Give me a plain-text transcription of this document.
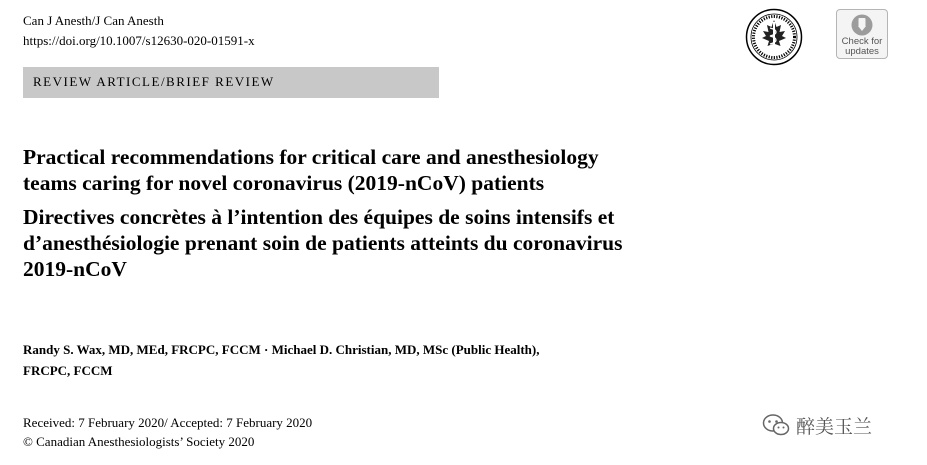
Can J Anesth/J Can Anesth
https://doi.org/10.1007/s12630-020-01591-x	Check for
updates
REVIEW ARTICLE/BRIEF REVIEW

Practical recommendations for critical care and anesthesiology
teams caring for novel coronavirus (2019-nCoV) patients

Directives concrètes à l’intention des équipes de soins intensifs et
d’anesthésiologie prenant soin de patients atteints du coronavirus
2019-nCoV

Randy S. Wax, MD, MEd, FRCPC, FCCM · Michael D. Christian, MD, MSc (Public Health),
FRCPC, FCCM

Received: 7 February 2020/ Accepted: 7 February 2020
© Canadian Anesthesiologists’ Society 2020
醉美玉兰
